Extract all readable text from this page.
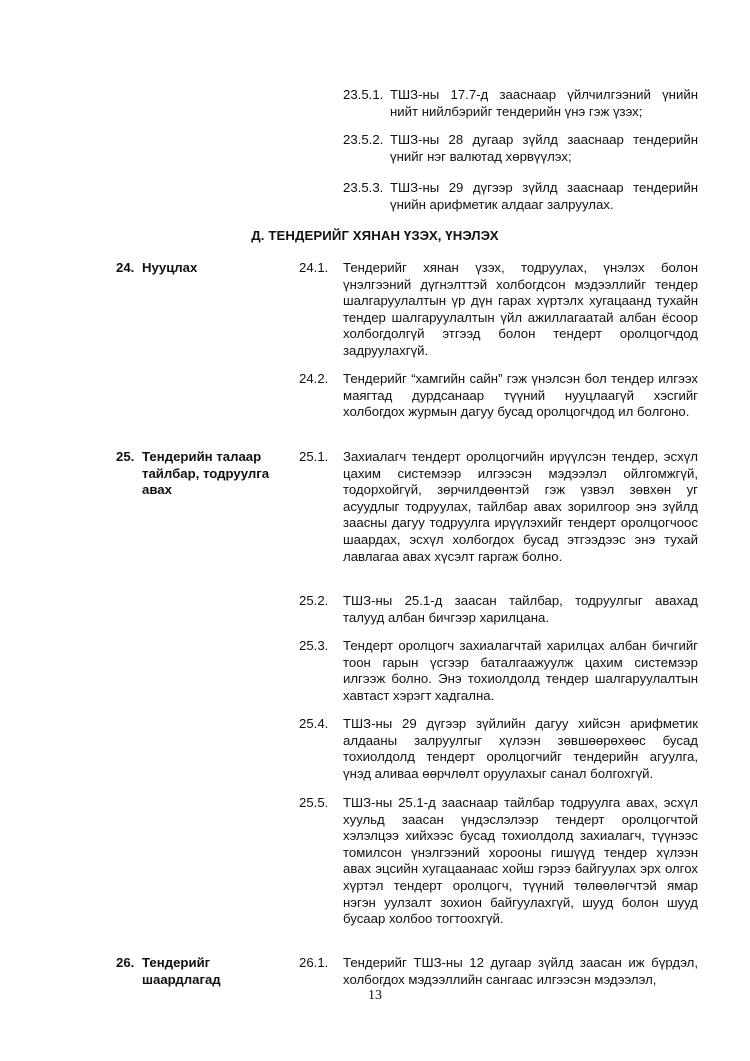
23.5.1. ТШЗ-ны 17.7-д зааснаар үйлчилгээний үнийн нийт нийлбэрийг тендерийн үнэ гэж үзэх;
23.5.2. ТШЗ-ны 28 дугаар зүйлд зааснаар тендерийн үнийг нэг валютад хөрвүүлэх;
23.5.3. ТШЗ-ны 29 дүгээр зүйлд зааснаар тендерийн үнийн арифметик алдааг залруулах.
Д. ТЕНДЕРИЙГ ХЯНАН ҮЗЭХ, ҮНЭЛЭХ
24. Нууцлах	24.1. Тендерийг хянан үзэх, тодруулах, үнэлэх болон үнэлгээний дүгнэлттэй холбогдсон мэдээллийг тендер шалгаруулалтын үр дүн гарах хүртэлх хугацаанд тухайн тендер шалгаруулалтын үйл ажиллагаатай албан ёсоор холбогдолгүй этгээд болон тендерт оролцогчдод задруулахгүй.
24.2. Тендерийг “хамгийн сайн” гэж үнэлсэн бол тендер илгээх маягтад дурдсанаар түүний нууцлаагүй хэсгийг холбогдох журмын дагуу бусад оролцогчдод ил болгоно.
25. Тендерийн талаар тайлбар, тодруулга авах
25.1. Захиалагч тендерт оролцогчийн ирүүлсэн тендер, эсхүл цахим системээр илгээсэн мэдээлэл ойлгомжгүй, тодорхойгүй, зөрчилдөөнтэй гэж үзвэл зөвхөн уг асуудлыг тодруулах, тайлбар авах зорилгоор энэ зүйлд заасны дагуу тодруулга ирүүлэхийг тендерт оролцогчоос шаардах, эсхүл холбогдох бусад этгээдээс энэ тухай лавлагаа авах хүсэлт гаргаж болно.
25.2. ТШЗ-ны 25.1-д заасан тайлбар, тодруулгыг авахад талууд албан бичгээр харилцана.
25.3. Тендерт оролцогч захиалагчтай харилцах албан бичгийг тоон гарын үсгээр баталгаажуулж цахим системээр илгээж болно. Энэ тохиолдолд тендер шалгаруулалтын хавтаст хэрэгт хадгална.
25.4. ТШЗ-ны 29 дүгээр зүйлийн дагуу хийсэн арифметик алдааны залруулгыг хүлээн зөвшөөрөхөөс бусад тохиолдолд тендерт оролцогчийг тендерийн агуулга, үнэд аливаа өөрчлөлт оруулахыг санал болгохгүй.
25.5. ТШЗ-ны 25.1-д зааснаар тайлбар тодруулга авах, эсхүл хуульд заасан үндэслэлээр тендерт оролцогчтой хэлэлцээ хийхээс бусад тохиолдолд захиалагч, түүнээс томилсон үнэлгээний хорооны гишүүд тендер хүлээн авах эцсийн хугацаанаас хойш гэрээ байгуулах эрх олгох хүртэл тендерт оролцогч, түүний төлөөлөгчтэй ямар нэгэн уулзалт зохион байгуулахгүй, шууд болон шууд бусаар холбоо тогтоохгүй.
26. Тендерийг шаардлагад
26.1. Тендерийг ТШЗ-ны 12 дугаар зүйлд заасан иж бүрдэл, холбогдох мэдээллийн сангаас илгээсэн мэдээлэл,
13
